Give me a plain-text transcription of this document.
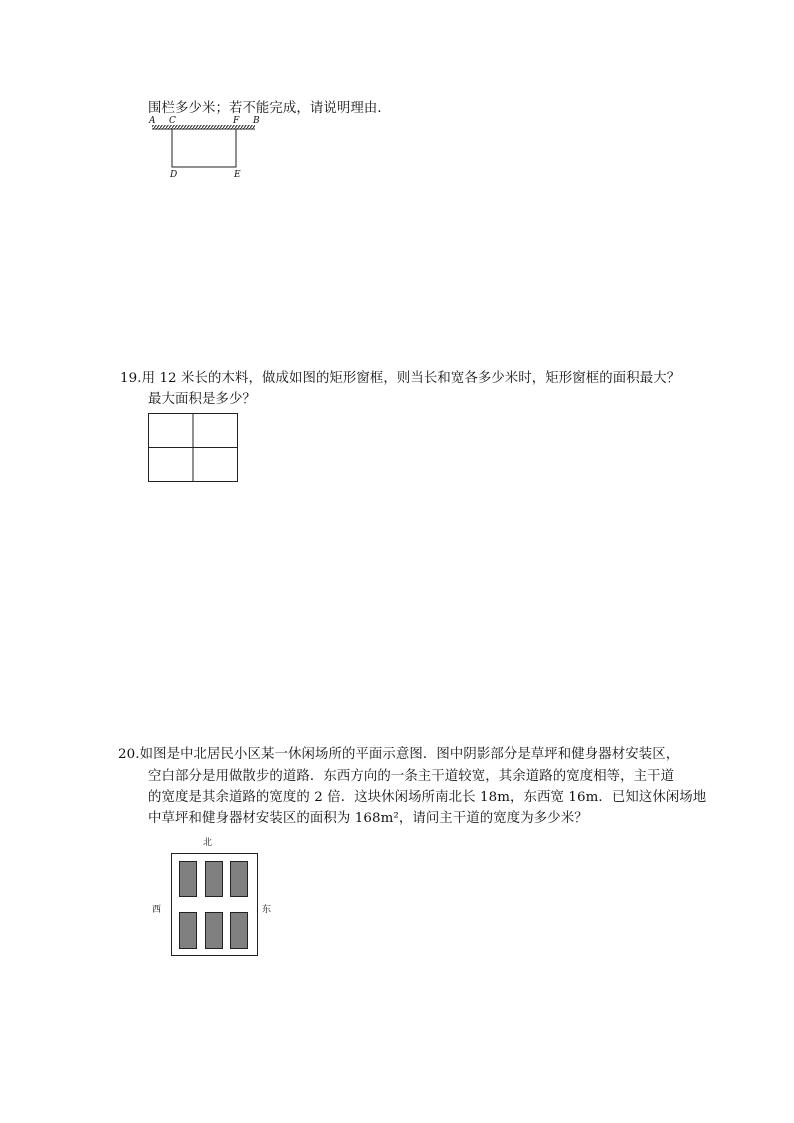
围栏多少米；若不能完成，请说明理由．
A C	F B
D	E
19.用 12 米长的木料，做成如图的矩形窗框，则当长和宽各多少米时，矩形窗框的面积最大？
最大面积是多少？
20.如图是中北居民小区某一休闲场所的平面示意图．图中阴影部分是草坪和健身器材安装区，
空白部分是用做散步的道路．东西方向的一条主干道较宽，其余道路的宽度相等，主干道
的宽度是其余道路的宽度的 2 倍．这块休闲场所南北长 18m，东西宽 16m．已知这休闲场地
中草坪和健身器材安装区的面积为 168m²，请问主干道的宽度为多少米？
北
西	东
